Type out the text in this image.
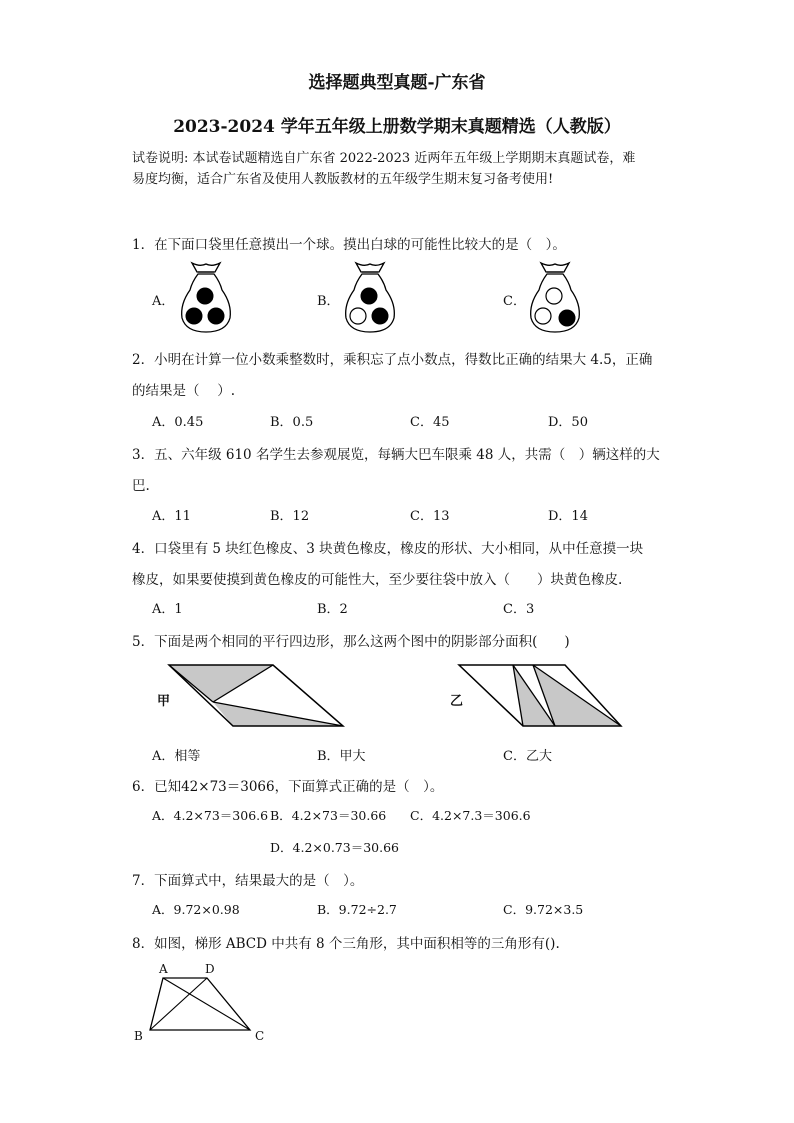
选择题典型真题-广东省
2023-2024 学年五年级上册数学期末真题精选（人教版）
试卷说明: 本试卷试题精选自广东省 2022-2023 近两年五年级上学期期末真题试卷，难
易度均衡，适合广东省及使用人教版教材的五年级学生期末复习备考使用!
1．在下面口袋里任意摸出一个球。摸出白球的可能性比较大的是（　）。
A．	B．	C．
2．小明在计算一位小数乘整数时，乘积忘了点小数点，得数比正确的结果大 4.5，正确
的结果是（　 ）.
A．0.45	B．0.5	C．45	D．50
3．五、六年级 610 名学生去参观展览，每辆大巴车限乘 48 人，共需（　）辆这样的大
巴.
A．11	B．12	C．13	D．14
4．口袋里有 5 块红色橡皮、3 块黄色橡皮，橡皮的形状、大小相同，从中任意摸一块
橡皮，如果要使摸到黄色橡皮的可能性大，至少要往袋中放入（　　）块黄色橡皮.
A．1	B．2	C．3
5．下面是两个相同的平行四边形，那么这两个图中的阴影部分面积(　　)
甲	乙
A．相等	B．甲大	C．乙大
6．已知42×73＝3066，下面算式正确的是（　）。
A．4.2×73＝306.6 B．4.2×73＝30.66 C．4.2×7.3＝306.6
D．4.2×0.73＝30.66
7．下面算式中，结果最大的是（　）。
A．9.72×0.98	B．9.72÷2.7	C．9.72×3.5
8．如图，梯形 ABCD 中共有 8 个三角形，其中面积相等的三角形有().
A	D
B	C
